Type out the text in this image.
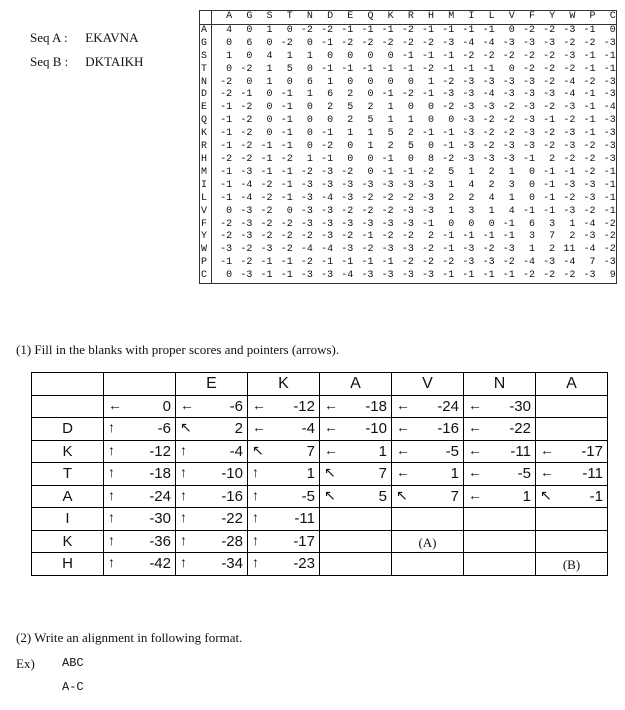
Seq A : EKAVNA
Seq B : DKTAIKH
	A	G	S	T	N	D	E	Q	K	R	H	M	I	L	V	F	Y	W	P	C
A	4	0	1	0	-2	-2	-1	-1	-1	-2	-1	-1	-1	-1	0	-2	-2	-3	-1	0
G	0	6	0	-2	0	-1	-2	-2	-2	-2	-2	-3	-4	-4	-3	-3	-3	-2	-2	-3
S	1	0	4	1	1	0	0	0	0	-1	-1	-1	-2	-2	-2	-2	-2	-3	-1	-1
T	0	-2	1	5	0	-1	-1	-1	-1	-1	-2	-1	-1	-1	0	-2	-2	-2	-1	-1
N	-2	0	1	0	6	1	0	0	0	0	1	-2	-3	-3	-3	-3	-2	-4	-2	-3
D	-2	-1	0	-1	1	6	2	0	-1	-2	-1	-3	-3	-4	-3	-3	-3	-4	-1	-3
E	-1	-2	0	-1	0	2	5	2	1	0	0	-2	-3	-3	-2	-3	-2	-3	-1	-4
Q	-1	-2	0	-1	0	0	2	5	1	1	0	0	-3	-2	-2	-3	-1	-2	-1	-3
K	-1	-2	0	-1	0	-1	1	1	5	2	-1	-1	-3	-2	-2	-3	-2	-3	-1	-3
R	-1	-2	-1	-1	0	-2	0	1	2	5	0	-1	-3	-2	-3	-3	-2	-3	-2	-3
H	-2	-2	-1	-2	1	-1	0	0	-1	0	8	-2	-3	-3	-3	-1	2	-2	-2	-3
M	-1	-3	-1	-1	-2	-3	-2	0	-1	-1	-2	5	1	2	1	0	-1	-1	-2	-1
I	-1	-4	-2	-1	-3	-3	-3	-3	-3	-3	-3	1	4	2	3	0	-1	-3	-3	-1
L	-1	-4	-2	-1	-3	-4	-3	-2	-2	-2	-3	2	2	4	1	0	-1	-2	-3	-1
V	0	-3	-2	0	-3	-3	-2	-2	-2	-3	-3	1	3	1	4	-1	-1	-3	-2	-1
F	-2	-3	-2	-2	-3	-3	-3	-3	-3	-3	-1	0	0	0	-1	6	3	1	-4	-2
Y	-2	-3	-2	-2	-2	-3	-2	-1	-2	-2	2	-1	-1	-1	-1	3	7	2	-3	-2
W	-3	-2	-3	-2	-4	-4	-3	-2	-3	-3	-2	-1	-3	-2	-3	1	2	11	-4	-2
P	-1	-2	-1	-1	-2	-1	-1	-1	-1	-2	-2	-2	-3	-3	-2	-4	-3	-4	7	-3
C	0	-3	-1	-1	-3	-3	-4	-3	-3	-3	-3	-1	-1	-1	-1	-2	-2	-2	-3	9
(1) Fill in the blanks with proper scores and pointers (arrows).
		E	K	A	V	N	A

	← 0	← -6	← -12	← -18	← -24	← -30	

D	↑ -6	↖ 2	← -4	← -10	← -16	← -22	

K	↑ -12	↑ -4	↖ 7	← 1	← -5	← -11	← -17

T	↑ -18	↑ -10	↑ 1	↖ 7	← 1	← -5	← -11

A	↑ -24	↑ -16	↑ -5	↖ 5	↖ 7	← 1	↖ -1

I	↑ -30	↑ -22	↑ -11				

K	↑ -36	↑ -28	↑ -17		(A)		

H	↑ -42	↑ -34	↑ -23				(B)
(2) Write an alignment in following format.
Ex) ABC
A-C
